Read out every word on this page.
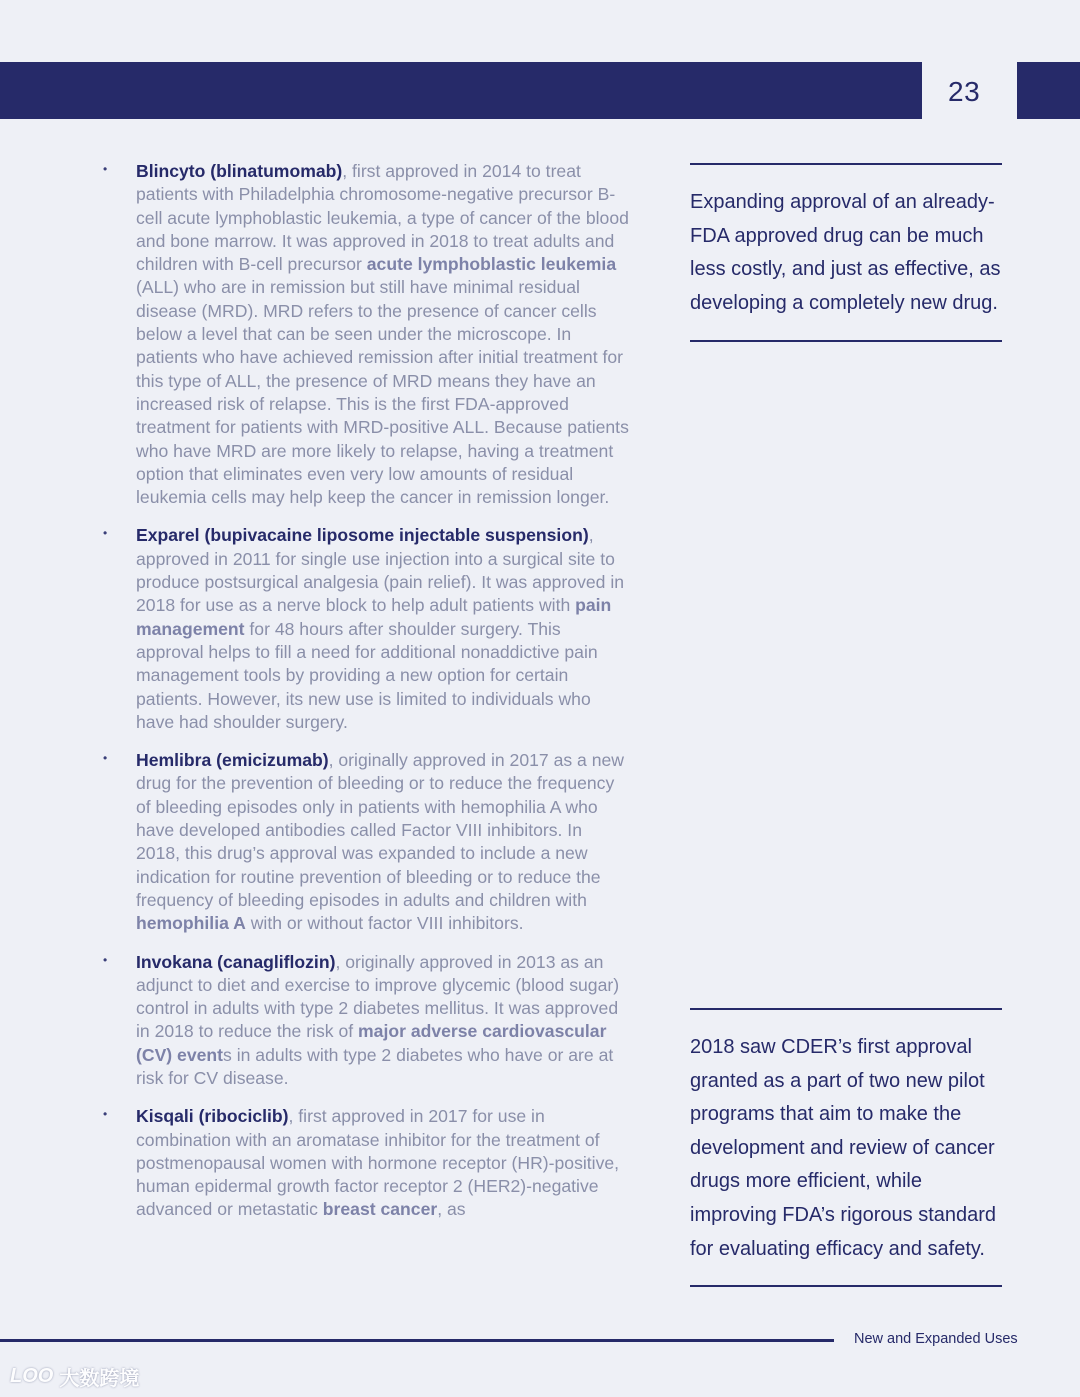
23
• Blincyto (blinatumomab), first approved in 2014 to treat patients with Philadelphia chromosome-negative precursor B-cell acute lymphoblastic leukemia, a type of cancer of the blood and bone marrow. It was approved in 2018 to treat adults and children with B-cell precursor acute lymphoblastic leukemia (ALL) who are in remission but still have minimal residual disease (MRD). MRD refers to the presence of cancer cells below a level that can be seen under the microscope. In patients who have achieved remission after initial treatment for this type of ALL, the presence of MRD means they have an increased risk of relapse. This is the first FDA-approved treatment for patients with MRD-positive ALL. Because patients who have MRD are more likely to relapse, having a treatment option that eliminates even very low amounts of residual leukemia cells may help keep the cancer in remission longer.
• Exparel (bupivacaine liposome injectable suspension), approved in 2011 for single use injection into a surgical site to produce postsurgical analgesia (pain relief). It was approved in 2018 for use as a nerve block to help adult patients with pain management for 48 hours after shoulder surgery. This approval helps to fill a need for additional nonaddictive pain management tools by providing a new option for certain patients. However, its new use is limited to individuals who have had shoulder surgery.
• Hemlibra (emicizumab), originally approved in 2017 as a new drug for the prevention of bleeding or to reduce the frequency of bleeding episodes only in patients with hemophilia A who have developed antibodies called Factor VIII inhibitors. In 2018, this drug’s approval was expanded to include a new indication for routine prevention of bleeding or to reduce the frequency of bleeding episodes in adults and children with hemophilia A with or without factor VIII inhibitors.
• Invokana (canagliflozin), originally approved in 2013 as an adjunct to diet and exercise to improve glycemic (blood sugar) control in adults with type 2 diabetes mellitus. It was approved in 2018 to reduce the risk of major adverse cardiovascular (CV) events in adults with type 2 diabetes who have or are at risk for CV disease.
• Kisqali (ribociclib), first approved in 2017 for use in combination with an aromatase inhibitor for the treatment of postmenopausal women with hormone receptor (HR)-positive, human epidermal growth factor receptor 2 (HER2)-negative advanced or metastatic breast cancer, as
Expanding approval of an already-FDA approved drug can be much less costly, and just as effective, as developing a completely new drug.
2018 saw CDER’s first approval granted as a part of two new pilot programs that aim to make the development and review of cancer drugs more efficient, while improving FDA’s rigorous standard for evaluating efficacy and safety.
New and Expanded Uses
LOO 大数跨境
